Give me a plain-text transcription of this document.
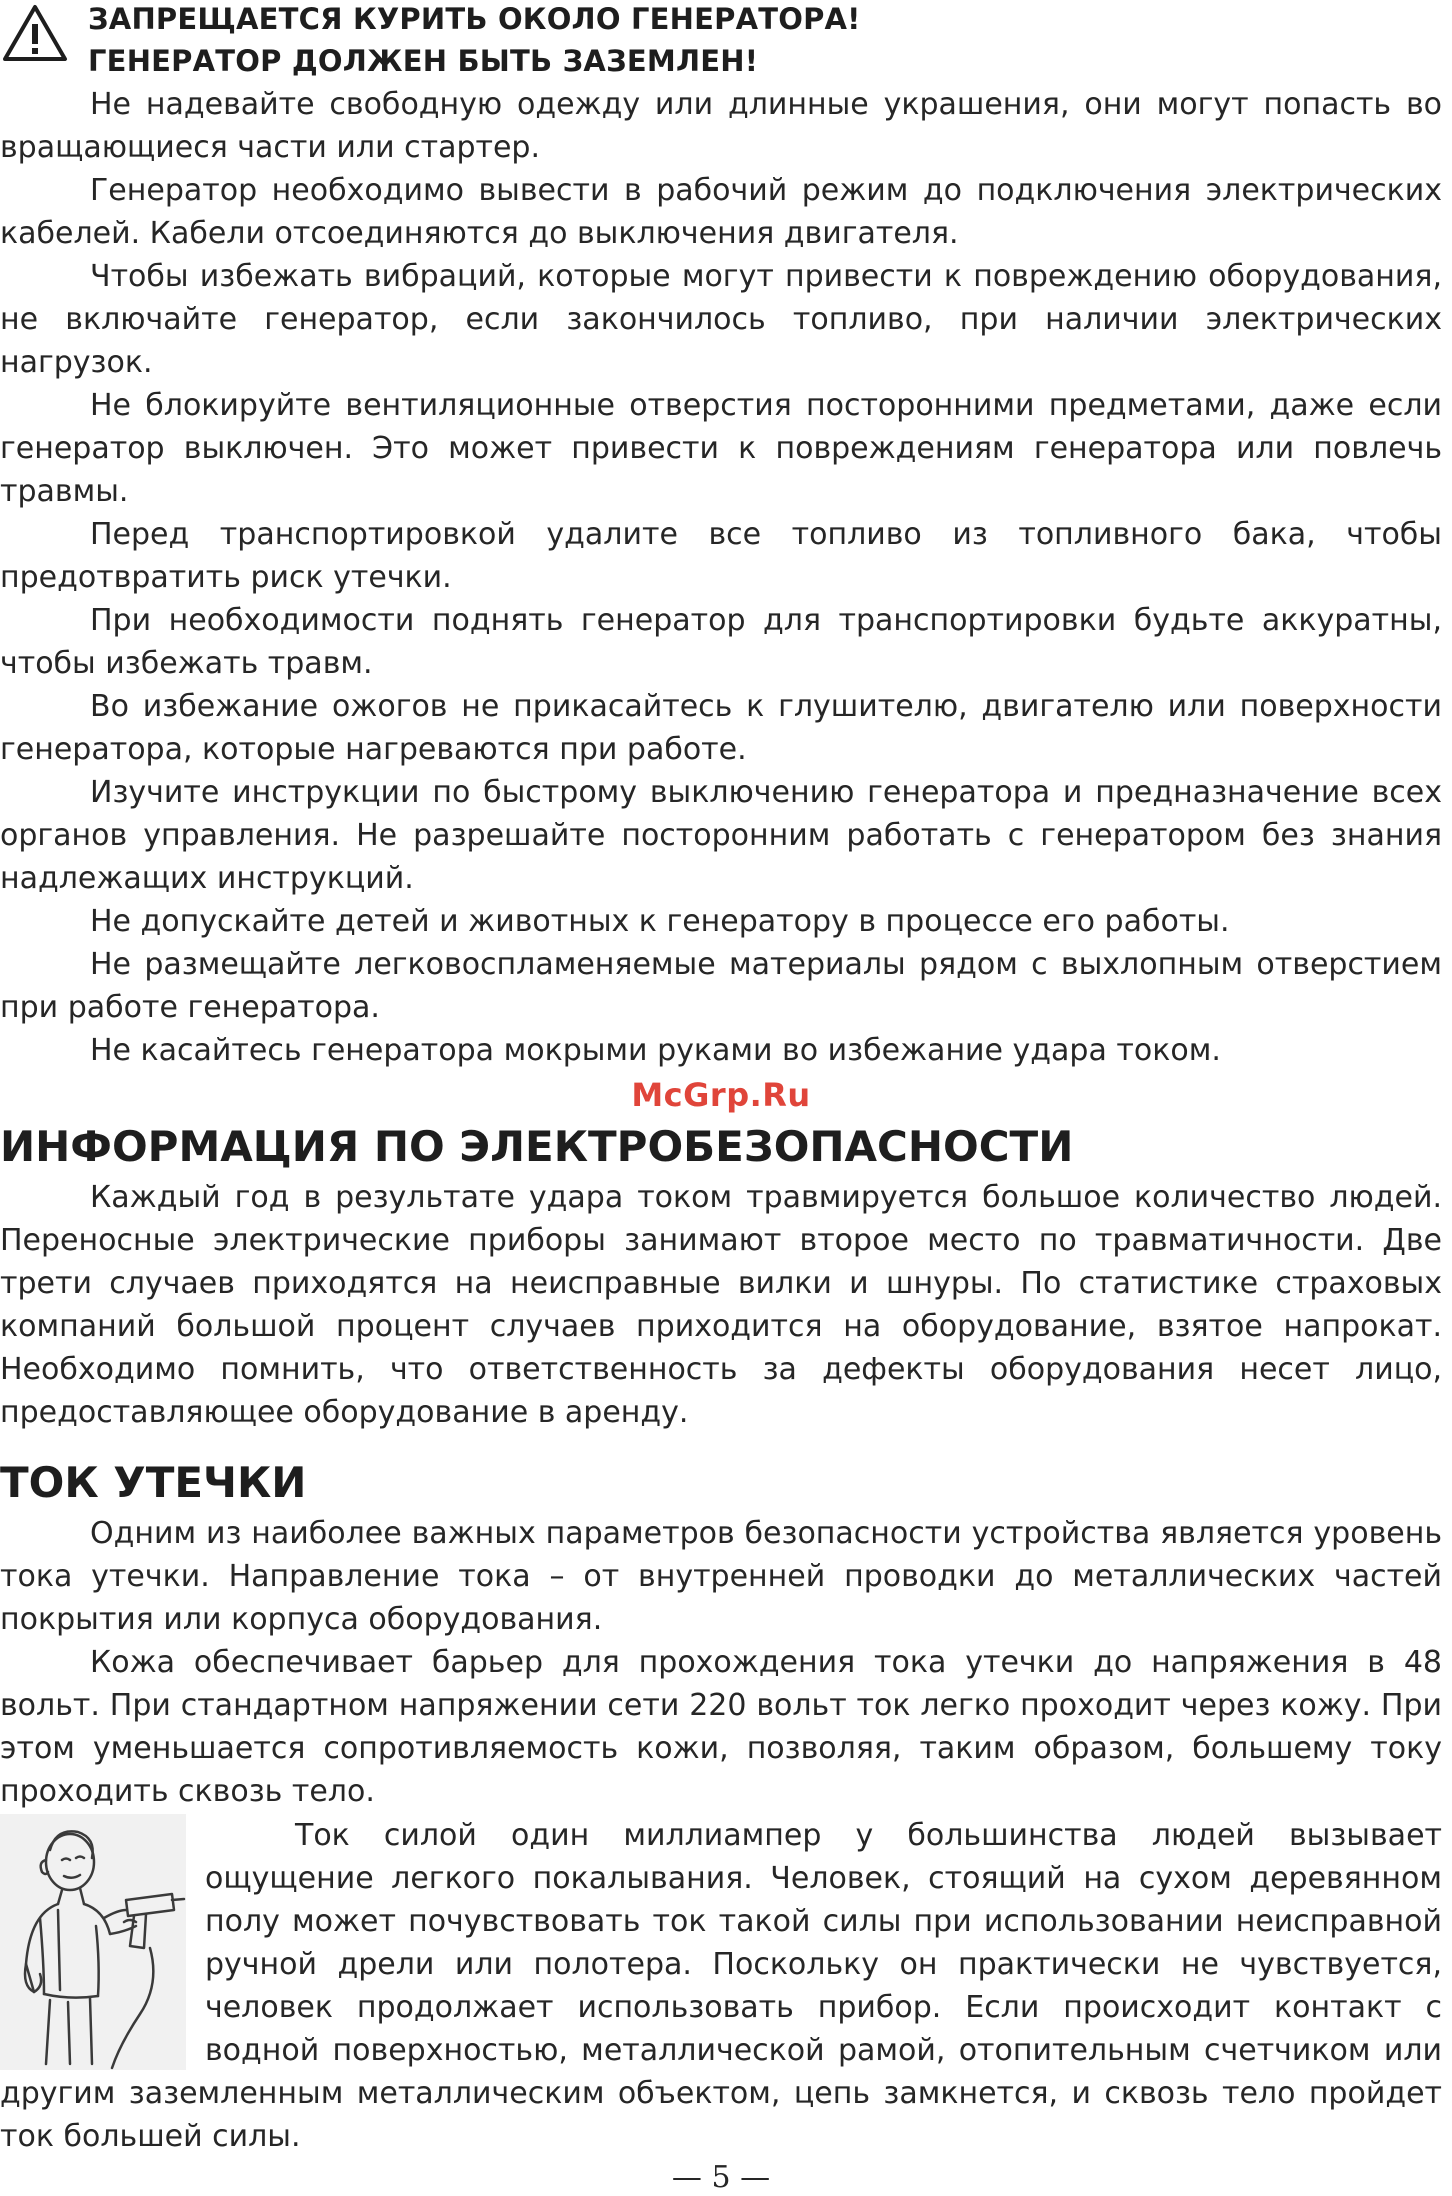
ЗАПРЕЩАЕТСЯ КУРИТЬ ОКОЛО ГЕНЕРАТОРА!
ГЕНЕРАТОР ДОЛЖЕН БЫТЬ ЗАЗЕМЛЕН!

Не надевайте свободную одежду или длинные украшения, они могут попасть во вращающиеся части или стартер.

Генератор необходимо вывести в рабочий режим до подключения электрических кабелей. Кабели отсоединяются до выключения двигателя.

Чтобы избежать вибраций, которые могут привести к повреждению оборудования, не включайте генератор, если закончилось топливо, при наличии электрических нагрузок.

Не блокируйте вентиляционные отверстия посторонними предметами, даже если генератор выключен. Это может привести к повреждениям генератора или повлечь травмы.

Перед транспортировкой удалите все топливо из топливного бака, чтобы предотвратить риск утечки.

При необходимости поднять генератор для транспортировки будьте аккуратны, чтобы избежать травм.

Во избежание ожогов не прикасайтесь к глушителю, двигателю или поверхности генератора, которые нагреваются при работе.

Изучите инструкции по быстрому выключению генератора и предназначение всех органов управления. Не разрешайте посторонним работать с генератором без знания надлежащих инструкций.

Не допускайте детей и животных к генератору в процессе его работы.

Не размещайте легковоспламеняемые материалы рядом с выхлопным отверстием при работе генератора.

Не касайтесь генератора мокрыми руками во избежание удара током.

McGrp.Ru
ИНФОРМАЦИЯ ПО ЭЛЕКТРОБЕЗОПАСНОСТИ

Каждый год в результате удара током травмируется большое количество людей. Переносные электрические приборы занимают второе место по травматичности. Две трети случаев приходятся на неисправные вилки и шнуры. По статистике страховых компаний большой процент случаев приходится на оборудование, взятое напрокат. Необходимо помнить, что ответственность за дефекты оборудования несет лицо, предоставляющее оборудование в аренду.

ТОК УТЕЧКИ

Одним из наиболее важных параметров безопасности устройства является уровень тока утечки. Направление тока – от внутренней проводки до металлических частей покрытия или корпуса оборудования.

Кожа обеспечивает барьер для прохождения тока утечки до напряжения в 48 вольт. При стандартном напряжении сети 220 вольт ток легко проходит через кожу. При этом уменьшается сопротивляемость кожи, позволяя, таким образом, большему току проходить сквозь тело.

Ток силой один миллиампер у большинства людей вызывает ощущение легкого покалывания. Человек, стоящий на сухом деревянном полу может почувствовать ток такой силы при использовании неисправной ручной дрели или полотера. Поскольку он практически не чувствуется, человек продолжает использовать прибор. Если происходит контакт с водной поверхностью, металлической рамой, отопительным счетчиком или другим заземленным металлическим объектом, цепь замкнется, и сквозь тело пройдет ток большей силы.

— 5 —
